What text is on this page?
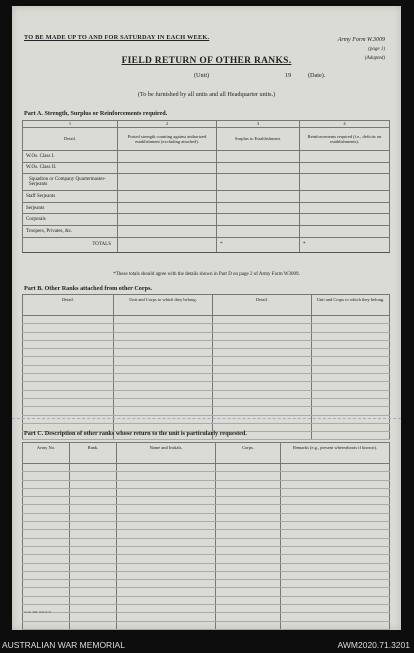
TO BE MADE UP TO AND FOR SATURDAY IN EACH WEEK.	Army Form W.3009
(page 1)
(Adapted)
FIELD RETURN OF OTHER RANKS.
(Unit)	19	(Date).
(To be furnished by all units and all Headquarter units.)
Part A. Strength, Surplus or Reinforcements required.
1	2	3	4
Detail.	Posted strength counting against authorized establishment (excluding attached).	Surplus to Establishment.	Reinforcements required (i.e., deficits on establishments).
W.Os. Class I.			
W.Os. Class II.			
Squadron or Company Quartermaster-Serjeants			
Staff Serjeants			
Serjeants			
Corporals			
Troopers, Privates, &c.			
TOTALS		*	*
*These totals should agree with the details shown in Part D on page 2 of Army Form W3009.
Part B. Other Ranks attached from other Corps.
Detail.	Unit and Corps to which they belong.	Detail.	Unit and Corps to which they belong.

Part C. Description of other ranks whose return to the unit is particularly requested.
Army No.	Rank.	Name and Initials.	Corps.	Remarks (e.g., present whereabouts if known).

A.W. 306 10m 6/31
AUSTRALIAN WAR MEMORIAL	AWM2020.71.3201
